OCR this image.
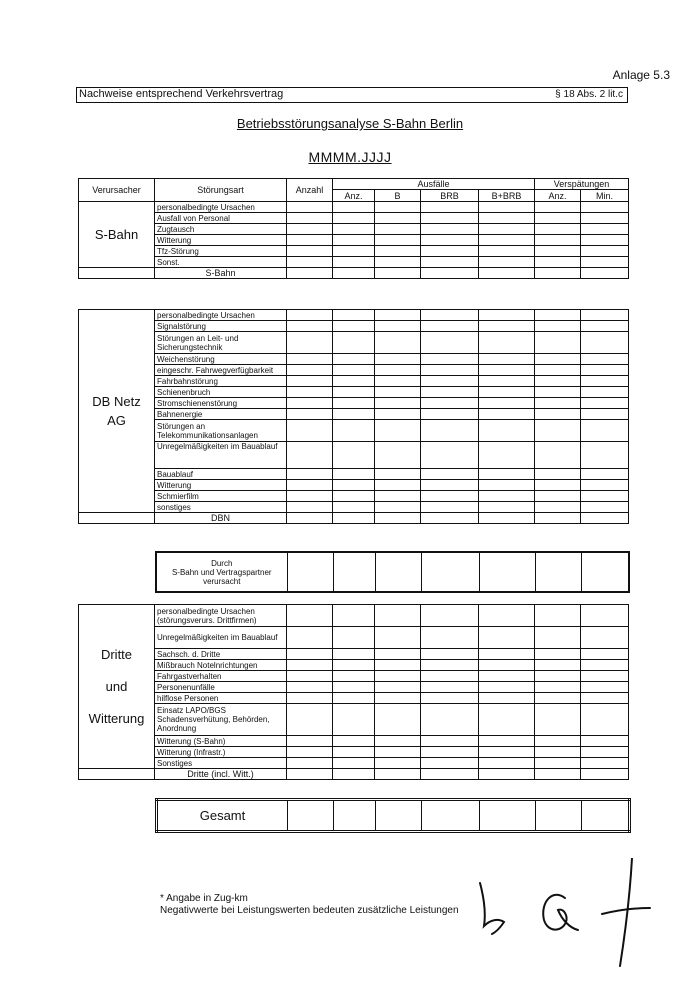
Anlage 5.3
Nachweise entsprechend Verkehrsvertrag	§ 18 Abs. 2 lit.c
Betriebsstörungsanalyse S-Bahn Berlin
MMMM.JJJJ
Verursacher	Störungsart	Anzahl	Ausfälle				Verspätungen	
			Anz.	B	BRB	B+BRB	Anz.	Min.
S-Bahn	personalbedingte Ursachen							
	Ausfall von Personal							
	Zugtausch							
	Witterung							
	Tfz-Störung							
	Sonst.							
	S-Bahn							
DB Netz
AG	personalbedingte Ursachen							
	Signalstörung							
	Störungen an Leit- und Sicherungstechnik							
	Weichenstörung							
	eingeschr. Fahrwegverfügbarkeit							
	Fahrbahnstörung							
	Schienenbruch							
	Stromschienenstörung							
	Bahnenergie							
	Störungen an Telekommunikationsanlagen							
	Unregelmäßigkeiten im Bauablauf							
	Bauablauf							
	Witterung							
	Schmierfilm							
	sonstiges							
	DBN							
Durch
S-Bahn und Vertragspartner
verursacht							
Dritte
und
Witterung	personalbedingte Ursachen (störungsverurs. Drittfirmen)							
	Unregelmäßigkeiten im Bauablauf							
	Sachsch. d. Dritte							
	Mißbrauch Notelnrichtungen							
	Fahrgastverhalten							
	Personenunfälle							
	hilflose Personen							
	Einsatz LAPO/BGS Schadensverhütung, Behörden, Anordnung							
	Witterung (S-Bahn)							
	Witterung (Infrastr.)							
	Sonstiges							
	Dritte (incl. Witt.)							
Gesamt							
* Angabe in Zug-km
Negativwerte bei Leistungswerten bedeuten zusätzliche Leistungen
